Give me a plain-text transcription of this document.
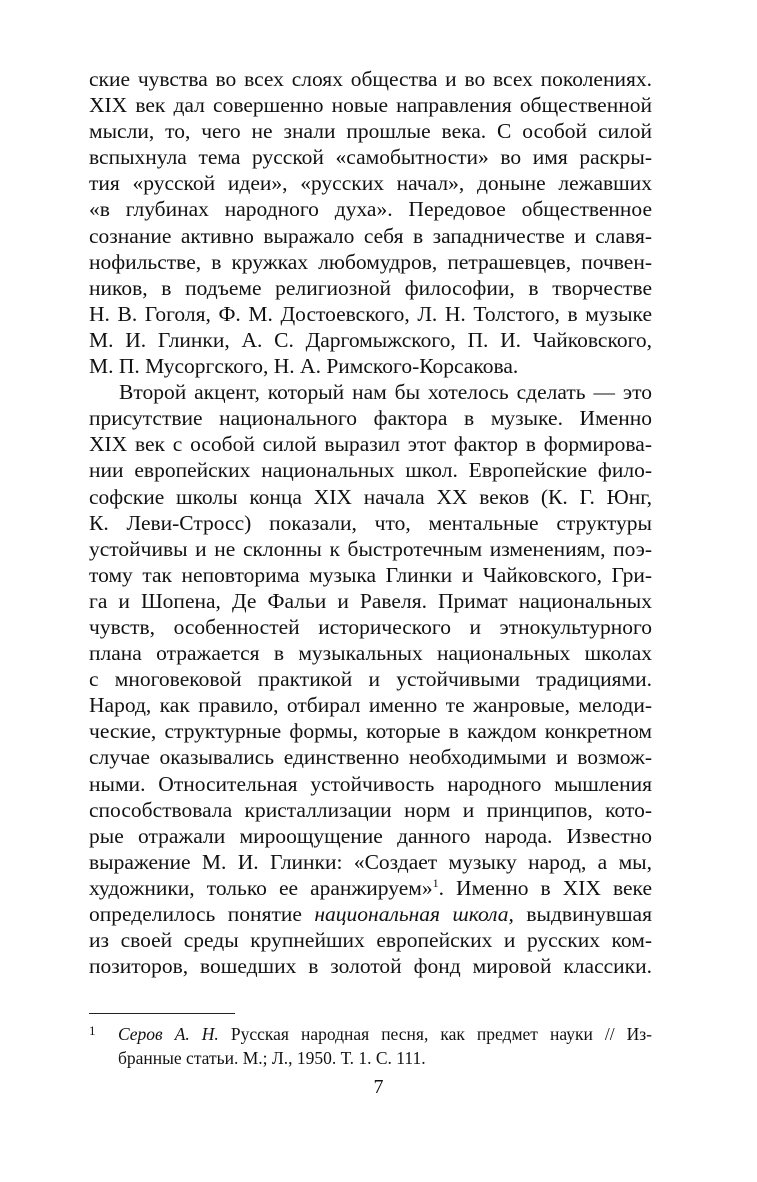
ские чувства во всех слоях общества и во всех поколениях.
XIX век дал совершенно новые направления общественной
мысли, то, чего не знали прошлые века. С особой силой
вспыхнула тема русской «самобытности» во имя раскры-
тия «русской идеи», «русских начал», доныне лежавших
«в глубинах народного духа». Передовое общественное
сознание активно выражало себя в западничестве и славя-
нофильстве, в кружках любомудров, петрашевцев, почвен-
ников, в подъеме религиозной философии, в творчестве
Н. В. Гоголя, Ф. М. Достоевского, Л. Н. Толстого, в музыке
М. И. Глинки, А. С. Даргомыжского, П. И. Чайковского,
М. П. Мусоргского, Н. А. Римского-Корсакова.
Второй акцент, который нам бы хотелось сделать — это
присутствие национального фактора в музыке. Именно
XIX век с особой силой выразил этот фактор в формирова-
нии европейских национальных школ. Европейские фило-
софские школы конца XIX начала XX веков (К. Г. Юнг,
К. Леви-Стросс) показали, что, ментальные структуры
устойчивы и не склонны к быстротечным изменениям, поэ-
тому так неповторима музыка Глинки и Чайковского, Гри-
га и Шопена, Де Фальи и Равеля. Примат национальных
чувств, особенностей исторического и этнокультурного
плана отражается в музыкальных национальных школах
с многовековой практикой и устойчивыми традициями.
Народ, как правило, отбирал именно те жанровые, мелоди-
ческие, структурные формы, которые в каждом конкретном
случае оказывались единственно необходимыми и возмож-
ными. Относительная устойчивость народного мышления
способствовала кристаллизации норм и принципов, кото-
рые отражали мироощущение данного народа. Известно
выражение М. И. Глинки: «Создает музыку народ, а мы,
художники, только ее аранжируем»$^1$. Именно в XIX веке
определилось понятие национальная школа, выдвинувшая
из своей среды крупнейших европейских и русских ком-
позиторов, вошедших в золотой фонд мировой классики.
1 Серов А. Н. Русская народная песня, как предмет науки // Из-
бранные статьи. М.; Л., 1950. Т. 1. С. 111.
7
